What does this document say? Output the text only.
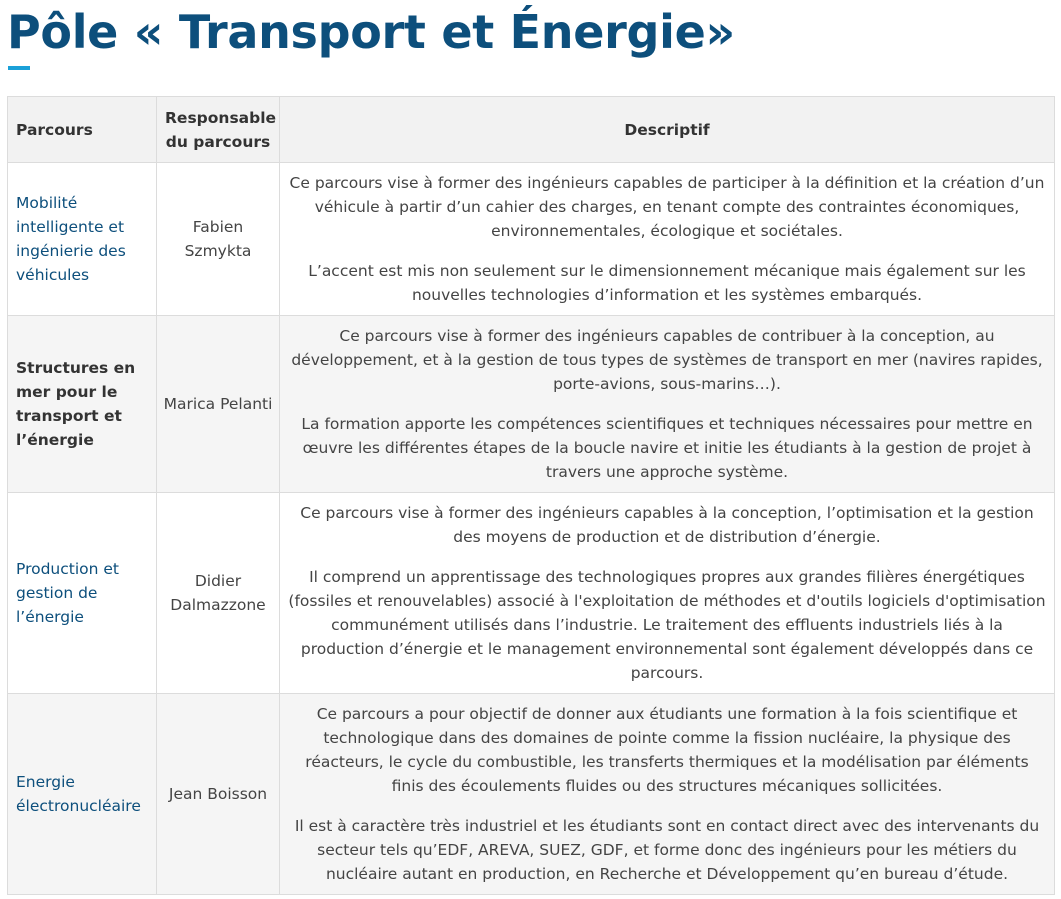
Pôle « Transport et Énergie»
Parcours	Responsable du parcours	Descriptif
Mobilité intelligente et ingénierie des véhicules	Fabien Szmykta	Ce parcours vise à former des ingénieurs capables de participer à la définition et la création d’un véhicule à partir d’un cahier des charges, en tenant compte des contraintes économiques, environnementales, écologique et sociétales.

L’accent est mis non seulement sur le dimensionnement mécanique mais également sur les nouvelles technologies d’information et les systèmes embarqués.

Structures en mer pour le transport et l’énergie	Marica Pelanti	Ce parcours vise à former des ingénieurs capables de contribuer à la conception, au développement, et à la gestion de tous types de systèmes de transport en mer (navires rapides, porte-avions, sous-marins…).

La formation apporte les compétences scientifiques et techniques nécessaires pour mettre en œuvre les différentes étapes de la boucle navire et initie les étudiants à la gestion de projet à travers une approche système.

Production et gestion de l’énergie	Didier Dalmazzone	Ce parcours vise à former des ingénieurs capables à la conception, l’optimisation et la gestion des moyens de production et de distribution d’énergie.

Il comprend un apprentissage des technologiques propres aux grandes filières énergétiques (fossiles et renouvelables) associé à l'exploitation de méthodes et d'outils logiciels d'optimisation communément utilisés dans l’industrie. Le traitement des effluents industriels liés à la production d’énergie et le management environnemental sont également développés dans ce parcours.

Energie électronucléaire	Jean Boisson	Ce parcours a pour objectif de donner aux étudiants une formation à la fois scientifique et technologique dans des domaines de pointe comme la fission nucléaire, la physique des réacteurs, le cycle du combustible, les transferts thermiques et la modélisation par éléments finis des écoulements fluides ou des structures mécaniques sollicitées.

Il est à caractère très industriel et les étudiants sont en contact direct avec des intervenants du secteur tels qu’EDF, AREVA, SUEZ, GDF, et forme donc des ingénieurs pour les métiers du nucléaire autant en production, en Recherche et Développement qu’en bureau d’étude.
